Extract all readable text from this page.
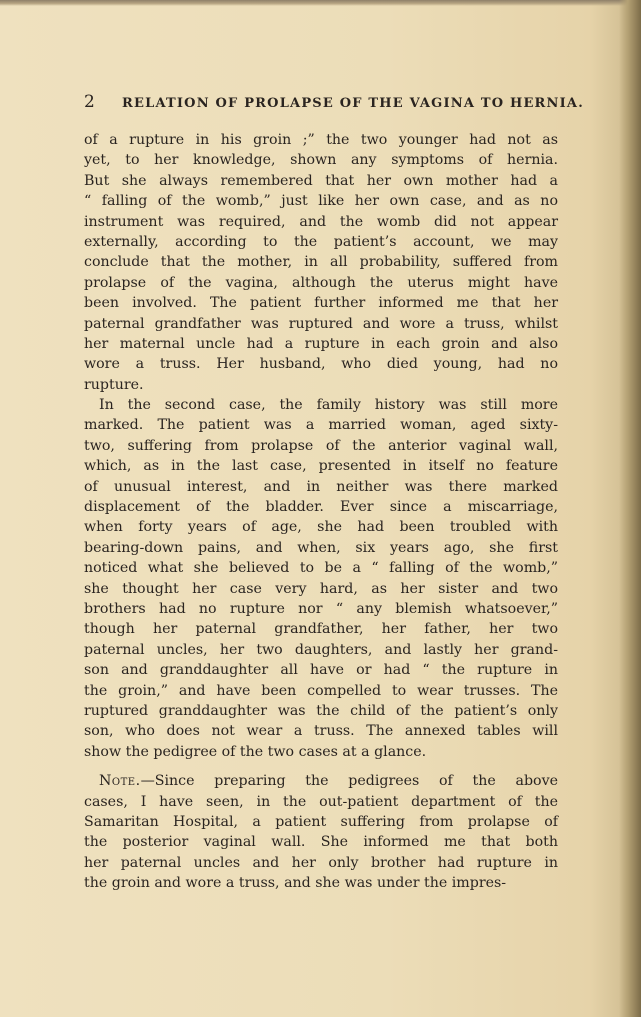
2 RELATION OF PROLAPSE OF THE VAGINA TO HERNIA.
of a rupture in his groin ;” the two younger had not as
yet, to her knowledge, shown any symptoms of hernia.
But she always remembered that her own mother had a
“ falling of the womb,” just like her own case, and as no
instrument was required, and the womb did not appear
externally, according to the patient’s account, we may
conclude that the mother, in all probability, suffered from
prolapse of the vagina, although the uterus might have
been involved. The patient further informed me that her
paternal grandfather was ruptured and wore a truss, whilst
her maternal uncle had a rupture in each groin and also
wore a truss. Her husband, who died young, had no
rupture.
In the second case, the family history was still more
marked. The patient was a married woman, aged sixty-
two, suffering from prolapse of the anterior vaginal wall,
which, as in the last case, presented in itself no feature
of unusual interest, and in neither was there marked
displacement of the bladder. Ever since a miscarriage,
when forty years of age, she had been troubled with
bearing-down pains, and when, six years ago, she first
noticed what she believed to be a “ falling of the womb,”
she thought her case very hard, as her sister and two
brothers had no rupture nor “ any blemish whatsoever,”
though her paternal grandfather, her father, her two
paternal uncles, her two daughters, and lastly her grand-
son and granddaughter all have or had “ the rupture in
the groin,” and have been compelled to wear trusses. The
ruptured granddaughter was the child of the patient’s only
son, who does not wear a truss. The annexed tables will
show the pedigree of the two cases at a glance.
Note.—Since preparing the pedigrees of the above
cases, I have seen, in the out-patient department of the
Samaritan Hospital, a patient suffering from prolapse of
the posterior vaginal wall. She informed me that both
her paternal uncles and her only brother had rupture in
the groin and wore a truss, and she was under the impres-
